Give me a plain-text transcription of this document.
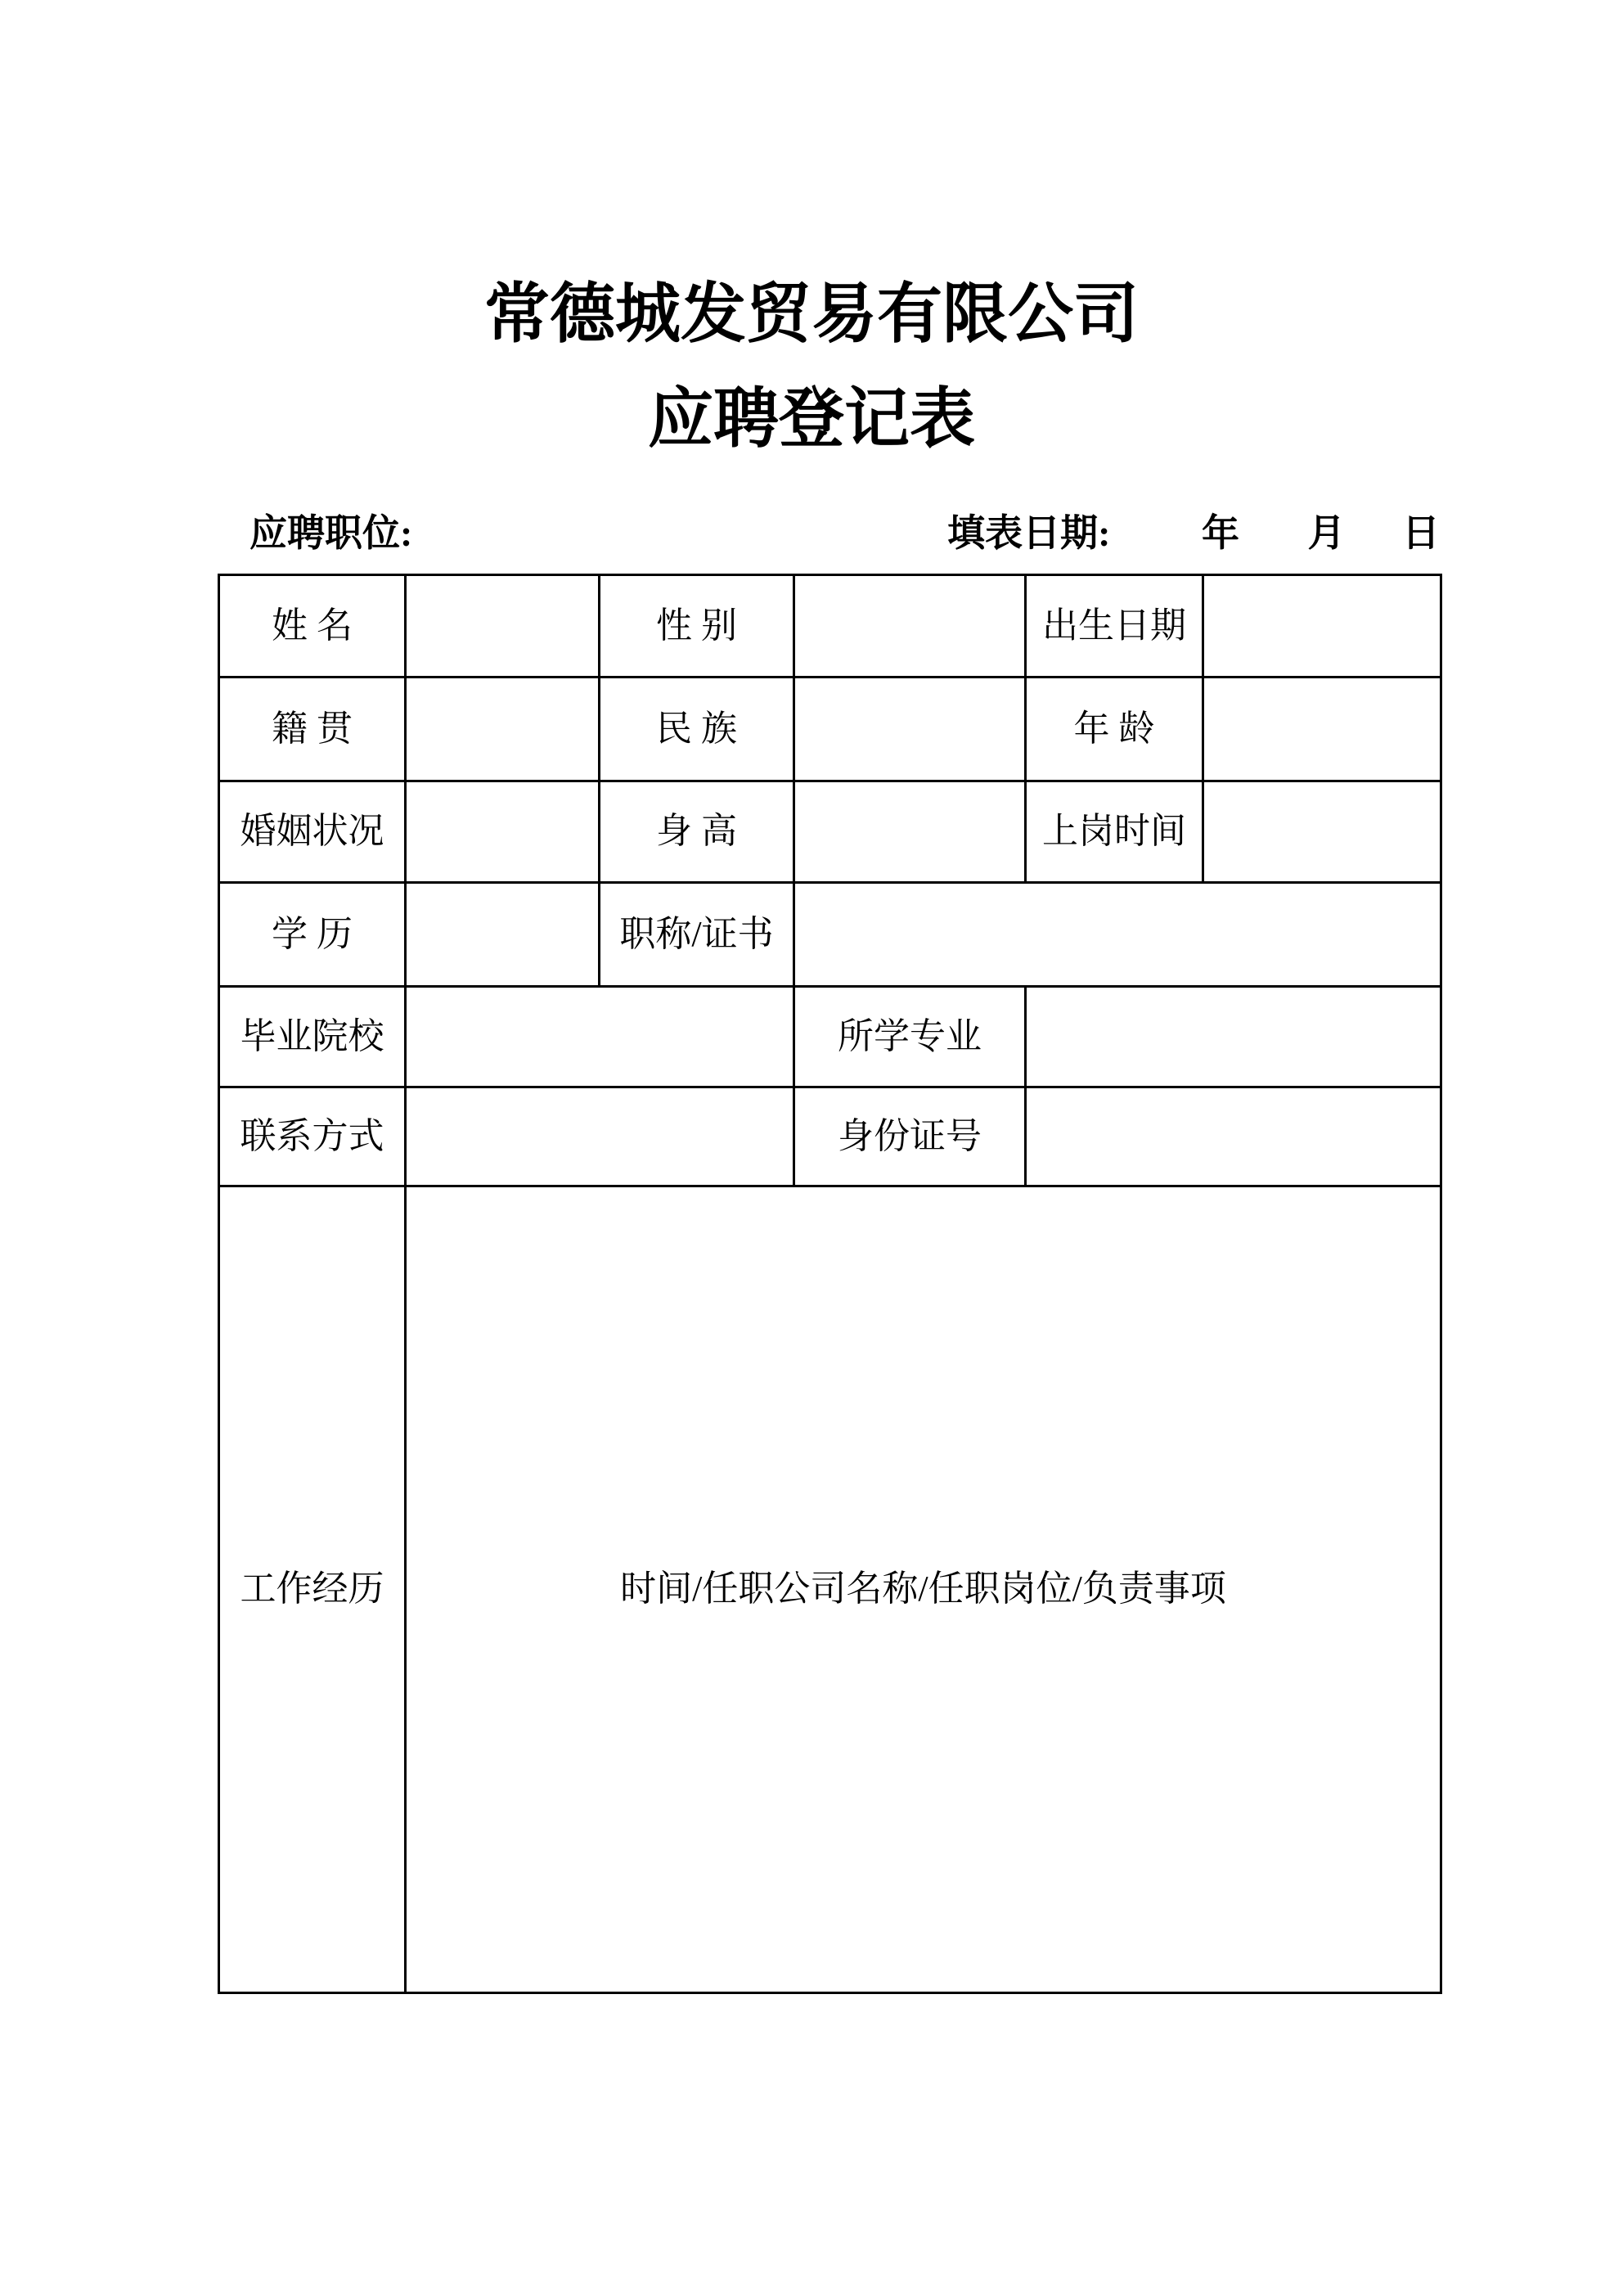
常德城发贸易有限公司
应聘登记表
应聘职位:	填表日期: 年 月 日
姓 名		性 别		出生日期	
籍 贯		民 族		年 龄	
婚姻状况		身 高		上岗时间	
学 历		职称/证书			
毕业院校			所学专业		
联系方式			身份证号		
工作经历	时间/任职公司名称/任职岗位/负责事项				
